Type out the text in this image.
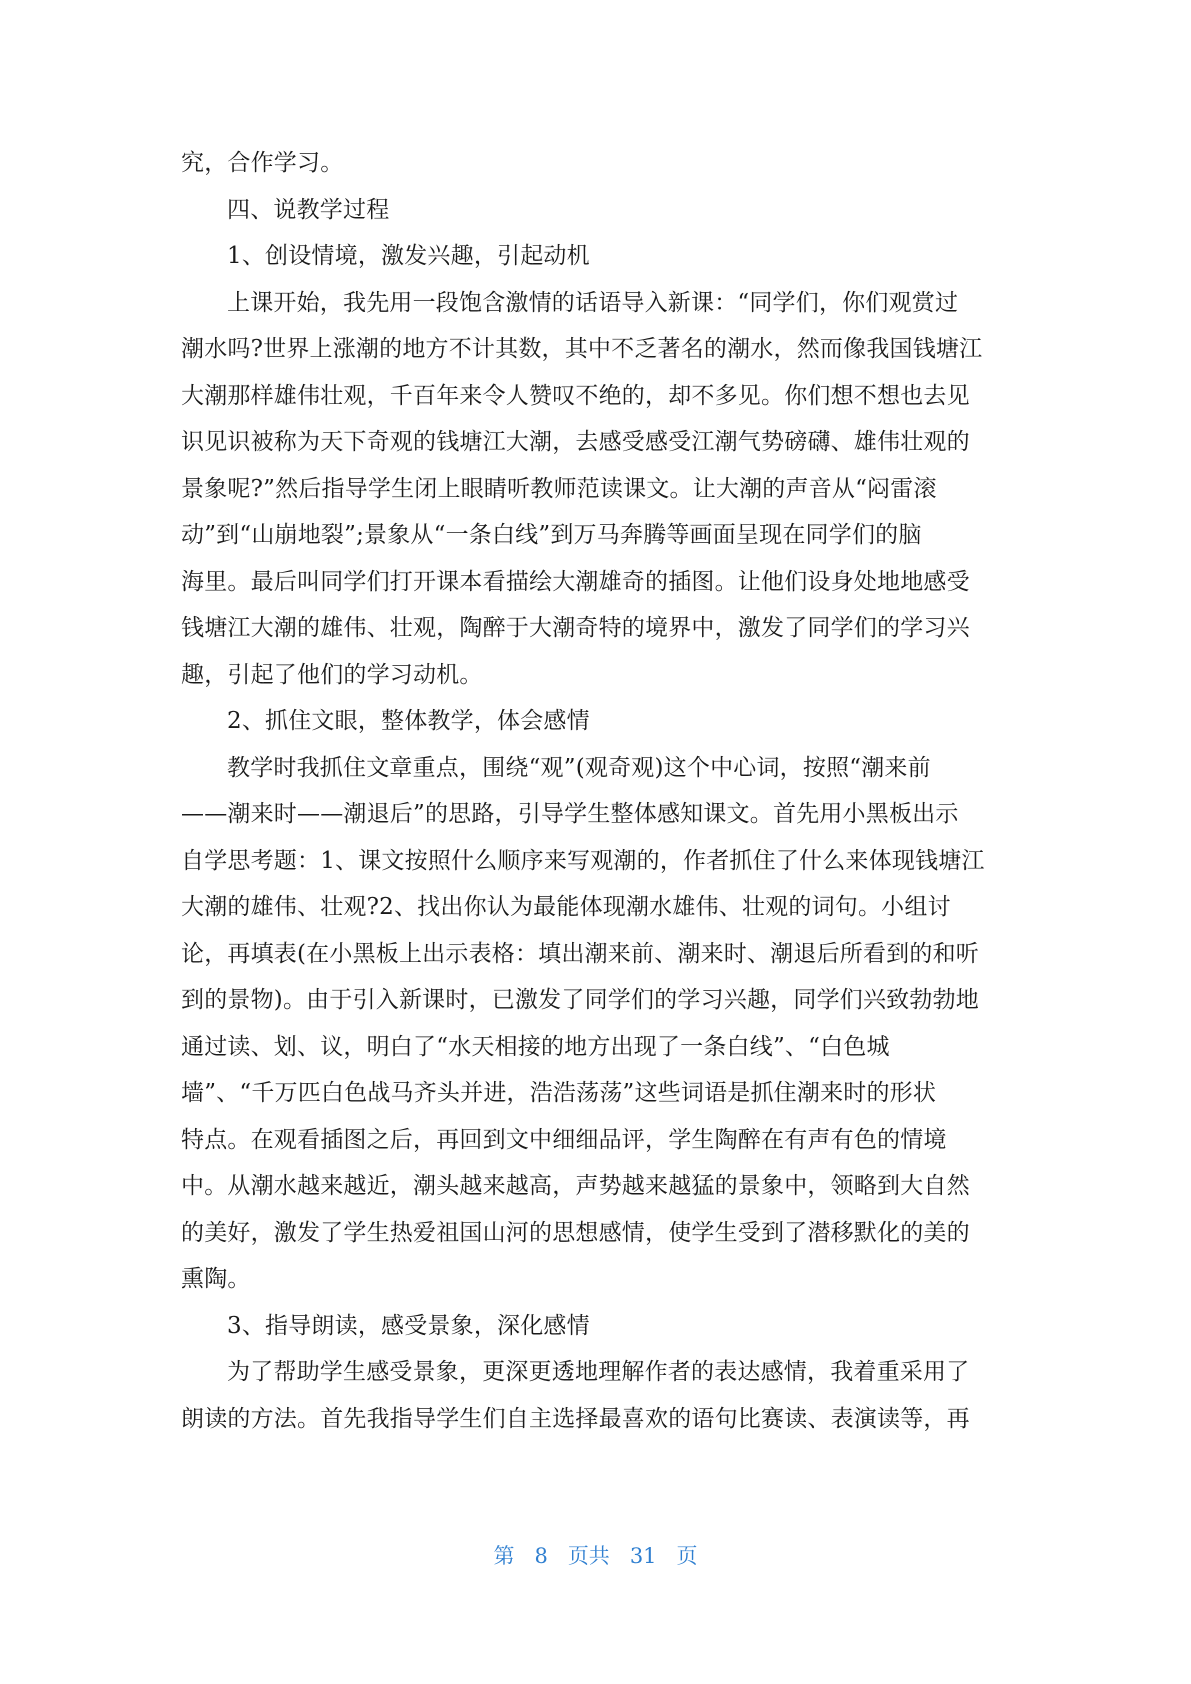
究，合作学习。
四、说教学过程
1、创设情境，激发兴趣，引起动机
上课开始，我先用一段饱含激情的话语导入新课：“同学们，你们观赏过
潮水吗?世界上涨潮的地方不计其数，其中不乏著名的潮水，然而像我国钱塘江
大潮那样雄伟壮观，千百年来令人赞叹不绝的，却不多见。你们想不想也去见
识见识被称为天下奇观的钱塘江大潮，去感受感受江潮气势磅礴、雄伟壮观的
景象呢?”然后指导学生闭上眼睛听教师范读课文。让大潮的声音从“闷雷滚
动”到“山崩地裂”;景象从“一条白线”到万马奔腾等画面呈现在同学们的脑
海里。最后叫同学们打开课本看描绘大潮雄奇的插图。让他们设身处地地感受
钱塘江大潮的雄伟、壮观，陶醉于大潮奇特的境界中，激发了同学们的学习兴
趣，引起了他们的学习动机。
2、抓住文眼，整体教学，体会感情
教学时我抓住文章重点，围绕“观”(观奇观)这个中心词，按照“潮来前
——潮来时——潮退后”的思路，引导学生整体感知课文。首先用小黑板出示
自学思考题：1、课文按照什么顺序来写观潮的，作者抓住了什么来体现钱塘江
大潮的雄伟、壮观?2、找出你认为最能体现潮水雄伟、壮观的词句。小组讨
论，再填表(在小黑板上出示表格：填出潮来前、潮来时、潮退后所看到的和听
到的景物)。由于引入新课时，已激发了同学们的学习兴趣，同学们兴致勃勃地
通过读、划、议，明白了“水天相接的地方出现了一条白线”、“白色城
墙”、“千万匹白色战马齐头并进，浩浩荡荡”这些词语是抓住潮来时的形状
特点。在观看插图之后，再回到文中细细品评，学生陶醉在有声有色的情境
中。从潮水越来越近，潮头越来越高，声势越来越猛的景象中，领略到大自然
的美好，激发了学生热爱祖国山河的思想感情，使学生受到了潜移默化的美的
熏陶。
3、指导朗读，感受景象，深化感情
为了帮助学生感受景象，更深更透地理解作者的表达感情，我着重采用了
朗读的方法。首先我指导学生们自主选择最喜欢的语句比赛读、表演读等，再
第 8 页共 31 页
